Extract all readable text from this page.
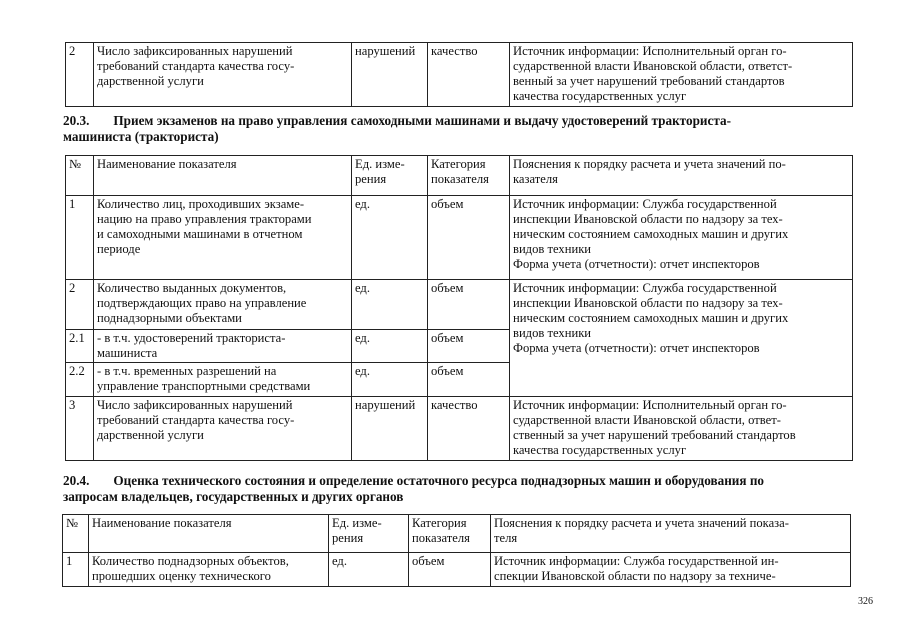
2	Число зафиксированных нарушений
требований стандарта качества госу-
дарственной услуги	нарушений	качество	Источник информации: Исполнительный орган го-
сударственной власти Ивановской области, ответст-
венный за учет нарушений требований стандартов
качества государственных услуг
20.3. Прием экзаменов на право управления самоходными машинами и выдачу удостоверений тракториста-
машиниста (тракториста)
№	Наименование показателя	Ед. изме-
рения	Категория
показателя	Пояснения к порядку расчета и учета значений по-
казателя
1	Количество лиц, проходивших экзаме-
нацию на право управления тракторами
и самоходными машинами в отчетном
периоде	ед.	объем	Источник информации: Служба государственной
инспекции Ивановской области по надзору за тех-
ническим состоянием самоходных машин и других
видов техники
Форма учета (отчетности): отчет инспекторов
2	Количество выданных документов,
подтверждающих право на управление
поднадзорными объектами	ед.	объем	Источник информации: Служба государственной
инспекции Ивановской области по надзору за тех-
ническим состоянием самоходных машин и других
видов техники
Форма учета (отчетности): отчет инспекторов
2.1	- в т.ч. удостоверений тракториста-
машиниста	ед.	объем	
2.2	- в т.ч. временных разрешений на
управление транспортными средствами	ед.	объем	
3	Число зафиксированных нарушений
требований стандарта качества госу-
дарственной услуги	нарушений	качество	Источник информации: Исполнительный орган го-
сударственной власти Ивановской области, ответ-
ственный за учет нарушений требований стандартов
качества государственных услуг
20.4. Оценка технического состояния и определение остаточного ресурса поднадзорных машин и оборудования по
запросам владельцев, государственных и других органов
№	Наименование показателя	Ед. изме-
рения	Категория
показателя	Пояснения к порядку расчета и учета значений показа-
теля
1	Количество поднадзорных объектов,
прошедших оценку технического	ед.	объем	Источник информации: Служба государственной ин-
спекции Ивановской области по надзору за техниче-
326
